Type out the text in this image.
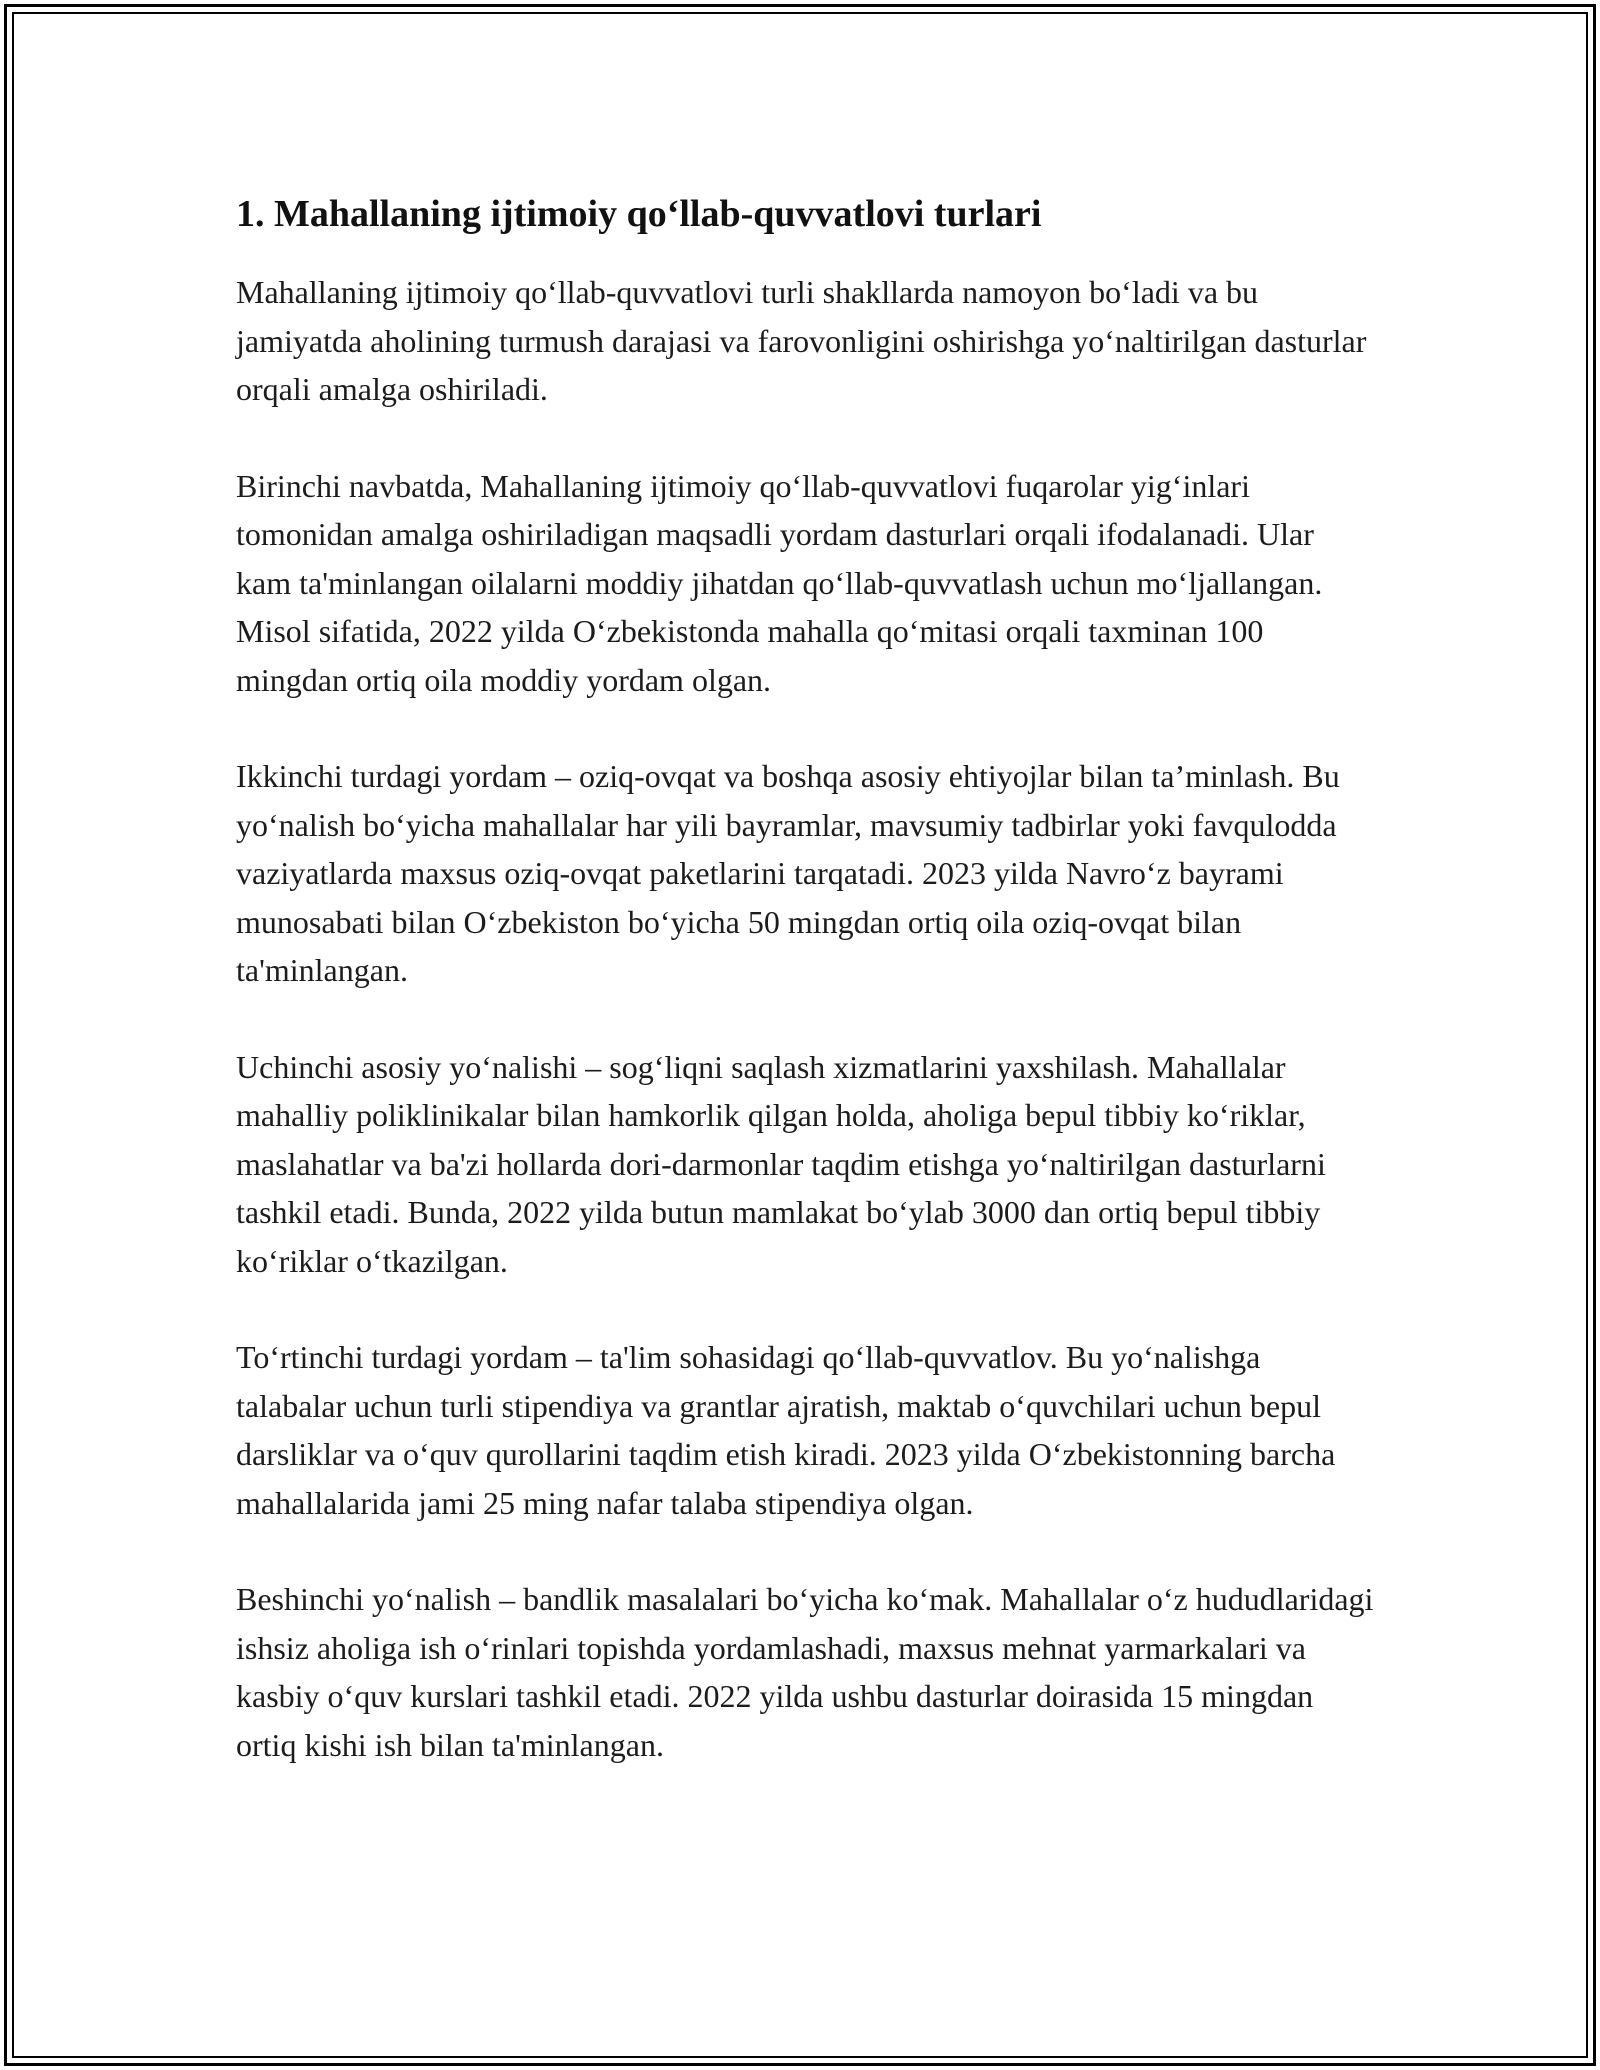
1. Mahallaning ijtimoiy qo‘llab-quvvatlovi turlari

Mahallaning ijtimoiy qo‘llab-quvvatlovi turli shakllarda namoyon bo‘ladi va bu jamiyatda aholining turmush darajasi va farovonligini oshirishga yo‘naltirilgan dasturlar orqali amalga oshiriladi.

Birinchi navbatda, Mahallaning ijtimoiy qo‘llab-quvvatlovi fuqarolar yig‘inlari tomonidan amalga oshiriladigan maqsadli yordam dasturlari orqali ifodalanadi. Ular kam ta'minlangan oilalarni moddiy jihatdan qo‘llab-quvvatlash uchun mo‘ljallangan. Misol sifatida, 2022 yilda O‘zbekistonda mahalla qo‘mitasi orqali taxminan 100 mingdan ortiq oila moddiy yordam olgan.

Ikkinchi turdagi yordam – oziq-ovqat va boshqa asosiy ehtiyojlar bilan ta’minlash. Bu yo‘nalish bo‘yicha mahallalar har yili bayramlar, mavsumiy tadbirlar yoki favqulodda vaziyatlarda maxsus oziq-ovqat paketlarini tarqatadi. 2023 yilda Navro‘z bayrami munosabati bilan O‘zbekiston bo‘yicha 50 mingdan ortiq oila oziq-ovqat bilan ta'minlangan.

Uchinchi asosiy yo‘nalishi – sog‘liqni saqlash xizmatlarini yaxshilash. Mahallalar mahalliy poliklinikalar bilan hamkorlik qilgan holda, aholiga bepul tibbiy ko‘riklar, maslahatlar va ba'zi hollarda dori-darmonlar taqdim etishga yo‘naltirilgan dasturlarni tashkil etadi. Bunda, 2022 yilda butun mamlakat bo‘ylab 3000 dan ortiq bepul tibbiy ko‘riklar o‘tkazilgan.

To‘rtinchi turdagi yordam – ta'lim sohasidagi qo‘llab-quvvatlov. Bu yo‘nalishga talabalar uchun turli stipendiya va grantlar ajratish, maktab o‘quvchilari uchun bepul darsliklar va o‘quv qurollarini taqdim etish kiradi. 2023 yilda O‘zbekistonning barcha mahallalarida jami 25 ming nafar talaba stipendiya olgan.

Beshinchi yo‘nalish – bandlik masalalari bo‘yicha ko‘mak. Mahallalar o‘z hududlaridagi ishsiz aholiga ish o‘rinlari topishda yordamlashadi, maxsus mehnat yarmarkalari va kasbiy o‘quv kurslari tashkil etadi. 2022 yilda ushbu dasturlar doirasida 15 mingdan ortiq kishi ish bilan ta'minlangan.
